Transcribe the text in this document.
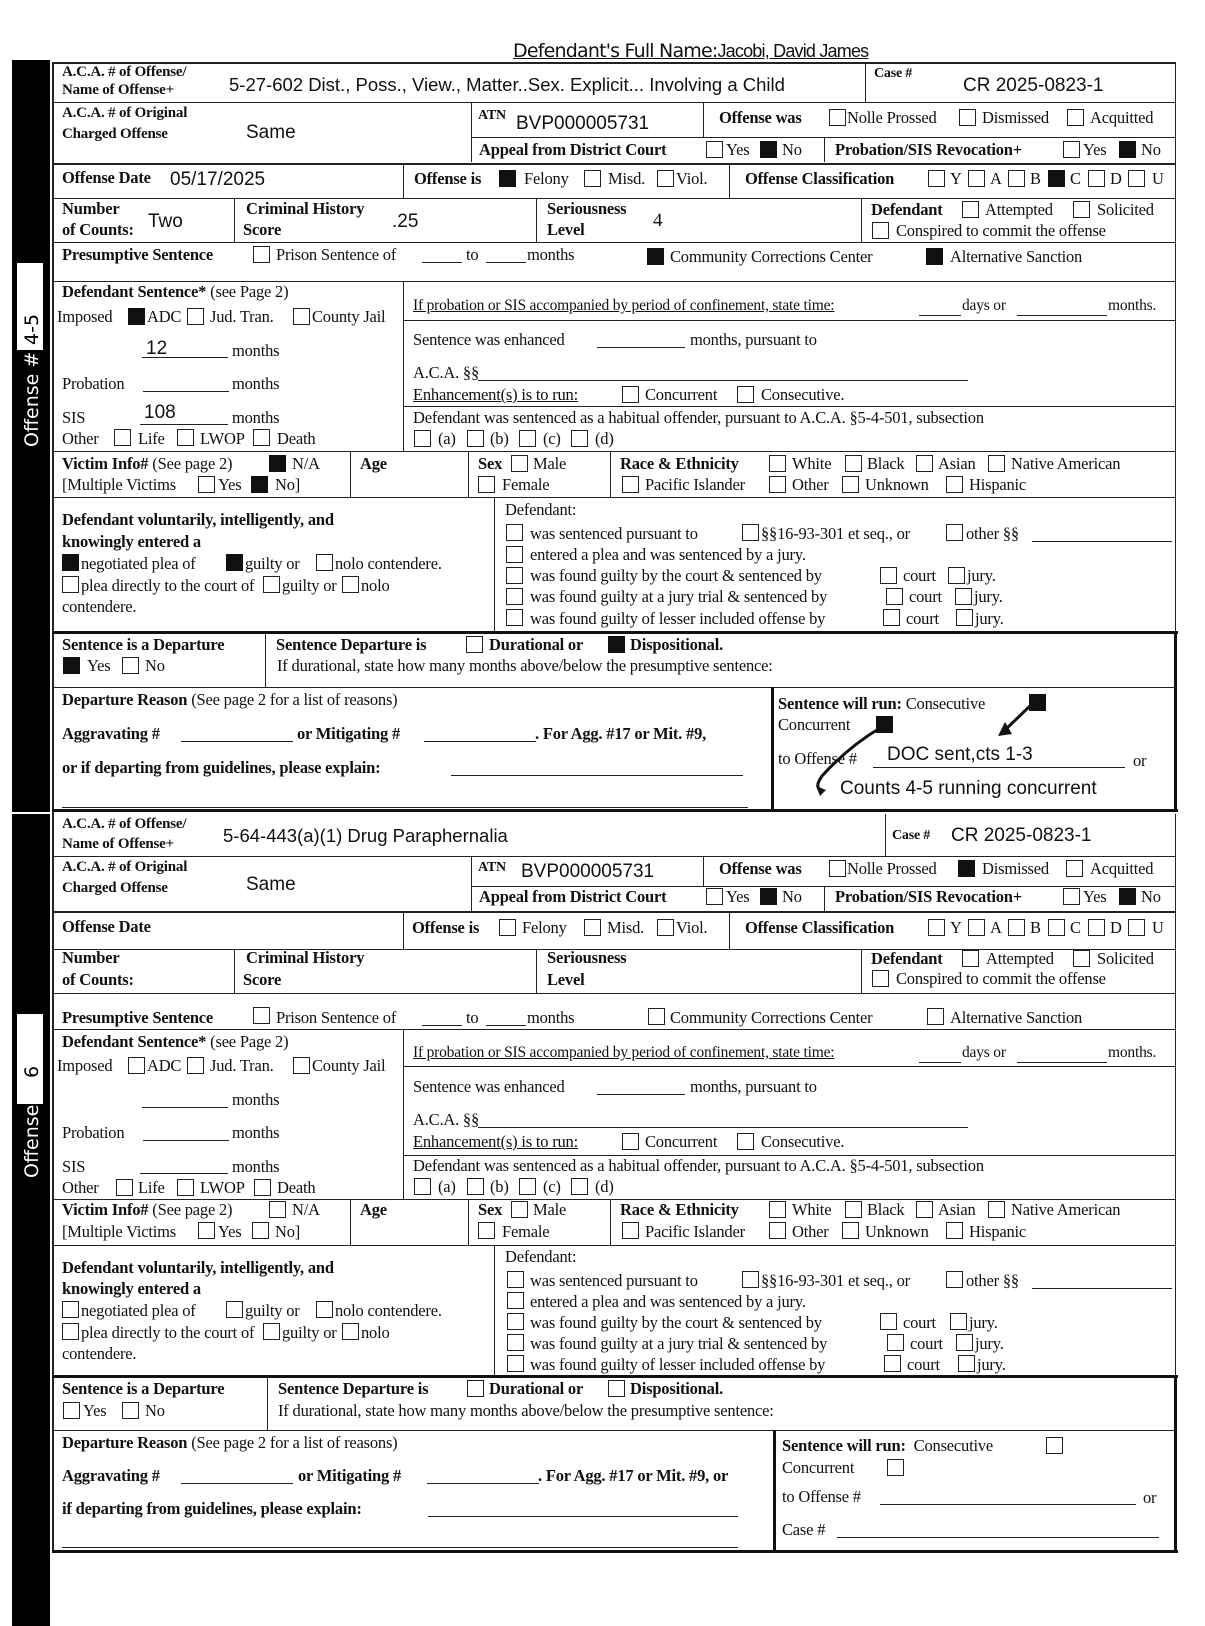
Defendant's Full Name:Jacobi, David James
4-5
Offense #:
A.C.A. # of Offense/
Name of Offense+	5-27-602 Dist., Poss., View., Matter..Sex. Explicit... Involving a Child
Case #
CR 2025-0823-1
A.C.A. # of Original
Charged Offense	Same
ATN BVP000005731	Offense was	Nolle Prossed	Dismissed Acquitted
Appeal from District Court	Yes No Probation/SIS Revocation+	Yes No
Offense Date 05/17/2025	Offense is	Felony Misd. Viol. Offense Classification	Y A B C D U
Number
of Counts: Two
Criminal History
Score	.25
Seriousness
Level	4
Defendant	Attempted	Solicited
Conspired to commit the offense
Presumptive Sentence	Prison Sentence of	to	months	Community Corrections Center	Alternative Sanction
Defendant Sentence* (see Page 2)
Imposed ADC Jud. Tran. County Jail
12	months
Probation	months
SIS	108	months
Other Life LWOP Death
If probation or SIS accompanied by period of confinement, state time:	days or	months.
Sentence was enhanced	months, pursuant to
A.C.A. §§
Enhancement(s) is to run:	Concurrent	Consecutive.
Defendant was sentenced as a habitual offender, pursuant to A.C.A. §5-4-501, subsection
(a) (b) (c) (d)
Victim Info# (See page 2)	N/A
[Multiple Victims	Yes No]
Age	Sex Male
Female
Race & Ethnicity	White Black Asian Native American
Pacific Islander	Other Unknown Hispanic
Defendant voluntarily, intelligently, and
knowingly entered a
negotiated plea of	guilty or nolo contendere.
plea directly to the court of guilty or nolo
contendere.
Defendant:
was sentenced pursuant to	§§16-93-301 et seq., or	other §§
entered a plea and was sentenced by a jury.
was found guilty by the court & sentenced by	court jury.
was found guilty at a jury trial & sentenced by	court jury.
was found guilty of lesser included offense by	court jury.
Sentence is a Departure
Yes No
Sentence Departure is	Durational or	Dispositional.
If durational, state how many months above/below the presumptive sentence:
Departure Reason (See page 2 for a list of reasons)
Aggravating #	or Mitigating #	. For Agg. #17 or Mit. #9,
or if departing from guidelines, please explain:
Sentence will run: Consecutive
Concurrent
to Offense # DOC sent,cts 1-3	or
Counts 4-5 running concurrent
6
Offense #:
A.C.A. # of Offense/
Name of Offense+	5-64-443(a)(1) Drug Paraphernalia	Case # CR 2025-0823-1
A.C.A. # of Original
Charged Offense	Same
ATN BVP000005731	Offense was	Nolle Prossed	Dismissed Acquitted
Appeal from District Court	Yes No Probation/SIS Revocation+	Yes No
Offense Date	Offense is	Felony Misd. Viol. Offense Classification	Y A B C D U
Number
of Counts:
Criminal History
Score
Seriousness
Level
Defendant	Attempted	Solicited
Conspired to commit the offense
Presumptive Sentence	Prison Sentence of	to	months	Community Corrections Center	Alternative Sanction
Defendant Sentence* (see Page 2)
Imposed ADC Jud. Tran. County Jail
months
Probation	months
SIS	months
Other Life LWOP Death
If probation or SIS accompanied by period of confinement, state time:	days or	months.
Sentence was enhanced	months, pursuant to
A.C.A. §§
Enhancement(s) is to run:	Concurrent	Consecutive.
Defendant was sentenced as a habitual offender, pursuant to A.C.A. §5-4-501, subsection
(a) (b) (c) (d)
Victim Info# (See page 2)	N/A
[Multiple Victims	Yes No]
Age	Sex Male
Female
Race & Ethnicity	White Black Asian Native American
Pacific Islander	Other Unknown Hispanic
Defendant voluntarily, intelligently, and
knowingly entered a
negotiated plea of	guilty or nolo contendere.
plea directly to the court of guilty or nolo
contendere.
Defendant:
was sentenced pursuant to	§§16-93-301 et seq., or	other §§
entered a plea and was sentenced by a jury.
was found guilty by the court & sentenced by	court jury.
was found guilty at a jury trial & sentenced by	court jury.
was found guilty of lesser included offense by	court jury.
Sentence is a Departure
Yes No
Sentence Departure is	Durational or	Dispositional.
If durational, state how many months above/below the presumptive sentence:
Departure Reason (See page 2 for a list of reasons)
Aggravating #	or Mitigating #	. For Agg. #17 or Mit. #9, or
if departing from guidelines, please explain:
Sentence will run: Consecutive
Concurrent
to Offense #	or
Case #
